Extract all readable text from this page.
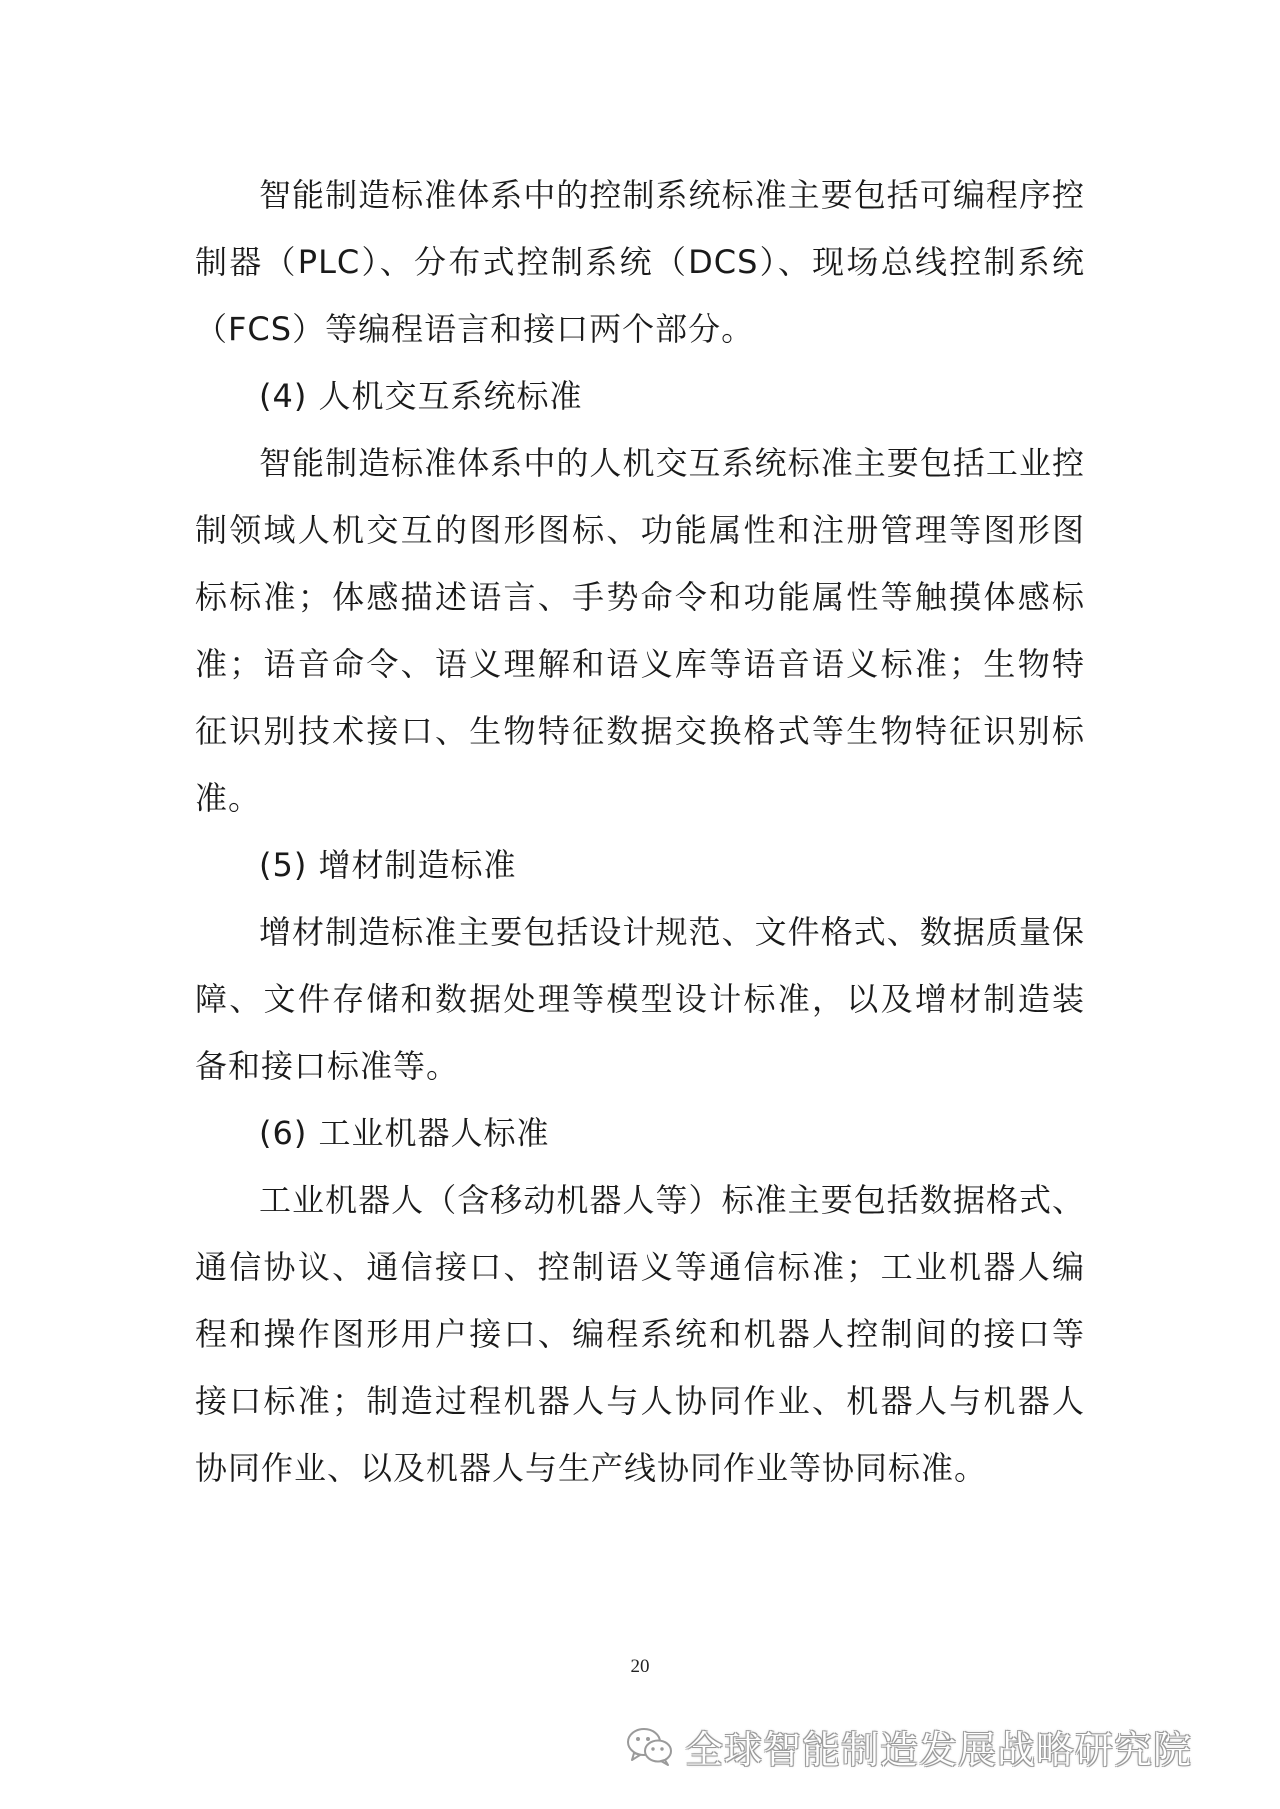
智能制造标准体系中的控制系统标准主要包括可编程序控制器（PLC）、分布式控制系统（DCS）、现场总线控制系统（FCS）等编程语言和接口两个部分。

(4) 人机交互系统标准

智能制造标准体系中的人机交互系统标准主要包括工业控制领域人机交互的图形图标、功能属性和注册管理等图形图标标准；体感描述语言、手势命令和功能属性等触摸体感标准；语音命令、语义理解和语义库等语音语义标准；生物特征识别技术接口、生物特征数据交换格式等生物特征识别标准。

(5) 增材制造标准

增材制造标准主要包括设计规范、文件格式、数据质量保障、文件存储和数据处理等模型设计标准，以及增材制造装备和接口标准等。

(6) 工业机器人标准

工业机器人（含移动机器人等）标准主要包括数据格式、通信协议、通信接口、控制语义等通信标准；工业机器人编程和操作图形用户接口、编程系统和机器人控制间的接口等接口标准；制造过程机器人与人协同作业、机器人与机器人协同作业、以及机器人与生产线协同作业等协同标准。

20
全球智能制造发展战略研究院
